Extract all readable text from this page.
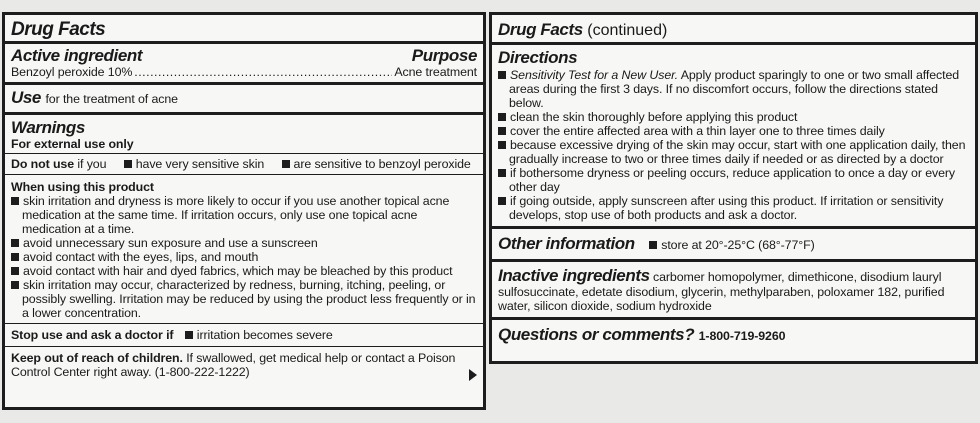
Drug Facts
Active ingredient	Purpose
Benzoyl peroxide 10%
.....	Acne treatment
Use for the treatment of acne
Warnings
For external use only
Do not use if you have very sensitive skin are sensitive to benzoyl peroxide
When using this product
skin irritation and dryness is more likely to occur if you use another topical acne medication at the same time. If irritation occurs, only use one topical acne medication at a time.
avoid unnecessary sun exposure and use a sunscreen
avoid contact with the eyes, lips, and mouth
avoid contact with hair and dyed fabrics, which may be bleached by this product
skin irritation may occur, characterized by redness, burning, itching, peeling, or possibly swelling. Irritation may be reduced by using the product less frequently or in a lower concentration.
Stop use and ask a doctor if irritation becomes severe
Keep out of reach of children. If swallowed, get medical help or contact a Poison Control Center right away. (1-800-222-1222)
Drug Facts (continued)
Directions
Sensitivity Test for a New User. Apply product sparingly to one or two small affected areas during the first 3 days. If no discomfort occurs, follow the directions stated below.
clean the skin thoroughly before applying this product
cover the entire affected area with a thin layer one to three times daily
because excessive drying of the skin may occur, start with one application daily, then gradually increase to two or three times daily if needed or as directed by a doctor
if bothersome dryness or peeling occurs, reduce application to once a day or every other day
if going outside, apply sunscreen after using this product. If irritation or sensitivity develops, stop use of both products and ask a doctor.
Other information store at 20°-25°C (68°-77°F)
Inactive ingredients carbomer homopolymer, dimethicone, disodium lauryl sulfosuccinate, edetate disodium, glycerin, methylparaben, poloxamer 182, purified water, silicon dioxide, sodium hydroxide
Questions or comments? 1-800-719-9260
